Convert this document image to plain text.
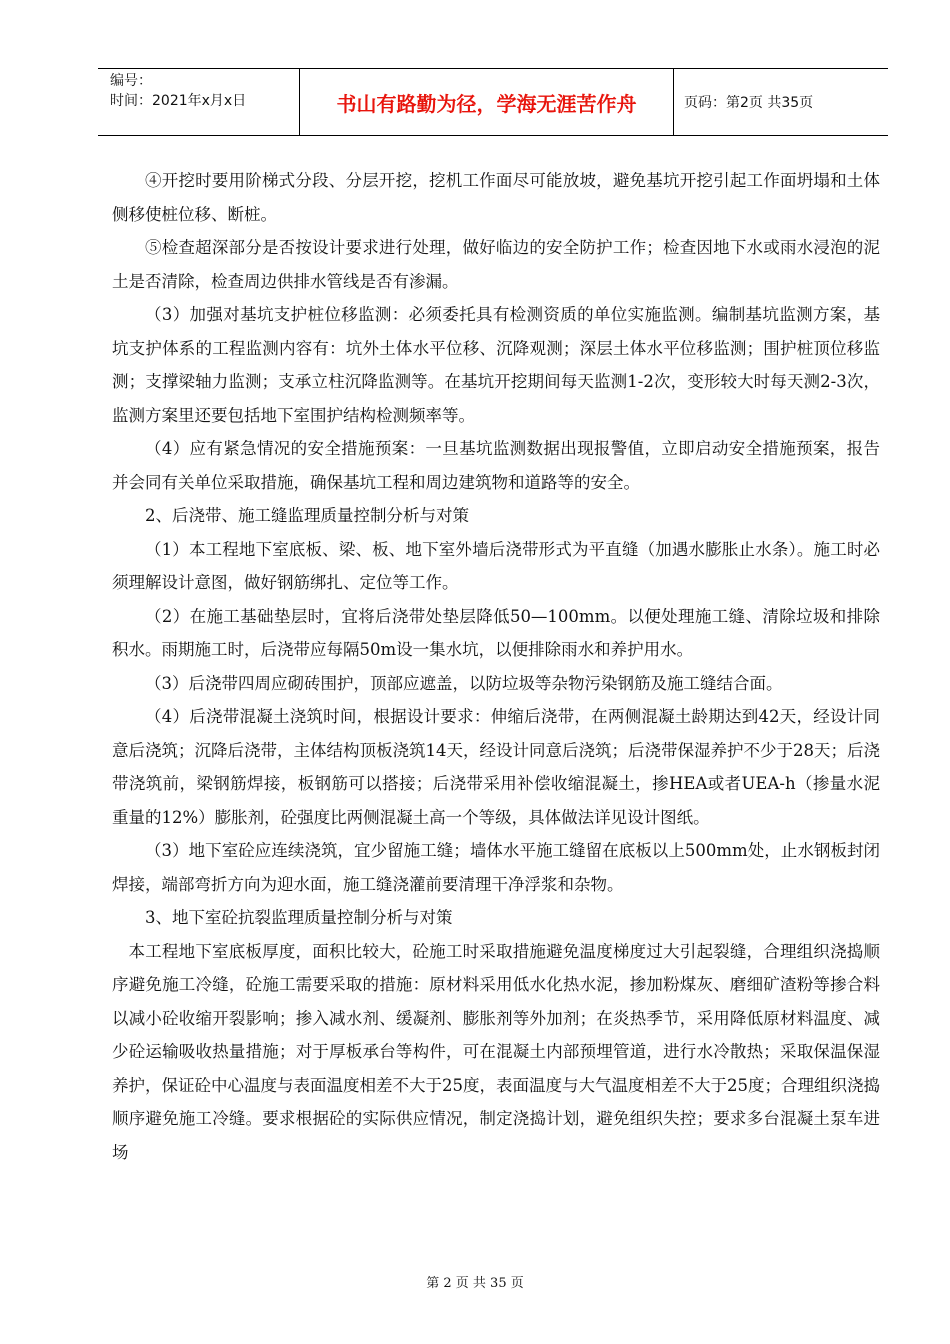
编号：
时间：2021年x月x日	书山有路勤为径，学海无涯苦作舟	页码：第2页 共35页

④开挖时要用阶梯式分段、分层开挖，挖机工作面尽可能放坡，避免基坑开挖引起工作面坍塌和土体侧移使桩位移、断桩。

⑤检查超深部分是否按设计要求进行处理，做好临边的安全防护工作；检查因地下水或雨水浸泡的泥土是否清除，检查周边供排水管线是否有渗漏。

（3）加强对基坑支护桩位移监测：必须委托具有检测资质的单位实施监测。编制基坑监测方案，基坑支护体系的工程监测内容有：坑外土体水平位移、沉降观测；深层土体水平位移监测；围护桩顶位移监测；支撑梁轴力监测；支承立柱沉降监测等。在基坑开挖期间每天监测1-2次，变形较大时每天测2-3次，监测方案里还要包括地下室围护结构检测频率等。

（4）应有紧急情况的安全措施预案：一旦基坑监测数据出现报警值，立即启动安全措施预案，报告并会同有关单位采取措施，确保基坑工程和周边建筑物和道路等的安全。

2、后浇带、施工缝监理质量控制分析与对策

（1）本工程地下室底板、梁、板、地下室外墙后浇带形式为平直缝（加遇水膨胀止水条）。施工时必须理解设计意图，做好钢筋绑扎、定位等工作。

（2）在施工基础垫层时，宜将后浇带处垫层降低50—100mm。以便处理施工缝、清除垃圾和排除积水。雨期施工时，后浇带应每隔50m设一集水坑，以便排除雨水和养护用水。

（3）后浇带四周应砌砖围护，顶部应遮盖，以防垃圾等杂物污染钢筋及施工缝结合面。

（4）后浇带混凝土浇筑时间，根据设计要求：伸缩后浇带，在两侧混凝土龄期达到42天，经设计同意后浇筑；沉降后浇带，主体结构顶板浇筑14天，经设计同意后浇筑；后浇带保湿养护不少于28天；后浇带浇筑前，梁钢筋焊接，板钢筋可以搭接；后浇带采用补偿收缩混凝土，掺HEA或者UEA-h（掺量水泥重量的12%）膨胀剂，砼强度比两侧混凝土高一个等级，具体做法详见设计图纸。

（3）地下室砼应连续浇筑，宜少留施工缝；墙体水平施工缝留在底板以上500mm处，止水钢板封闭焊接，端部弯折方向为迎水面，施工缝浇灌前要清理干净浮浆和杂物。

3、地下室砼抗裂监理质量控制分析与对策

本工程地下室底板厚度，面积比较大，砼施工时采取措施避免温度梯度过大引起裂缝，合理组织浇捣顺序避免施工冷缝，砼施工需要采取的措施：原材料采用低水化热水泥，掺加粉煤灰、磨细矿渣粉等掺合料以减小砼收缩开裂影响；掺入减水剂、缓凝剂、膨胀剂等外加剂；在炎热季节，采用降低原材料温度、减少砼运输吸收热量措施；对于厚板承台等构件，可在混凝土内部预埋管道，进行水冷散热；采取保温保湿养护，保证砼中心温度与表面温度相差不大于25度，表面温度与大气温度相差不大于25度；合理组织浇捣顺序避免施工冷缝。要求根据砼的实际供应情况，制定浇捣计划，避免组织失控；要求多台混凝土泵车进场

第 2 页 共 35 页
